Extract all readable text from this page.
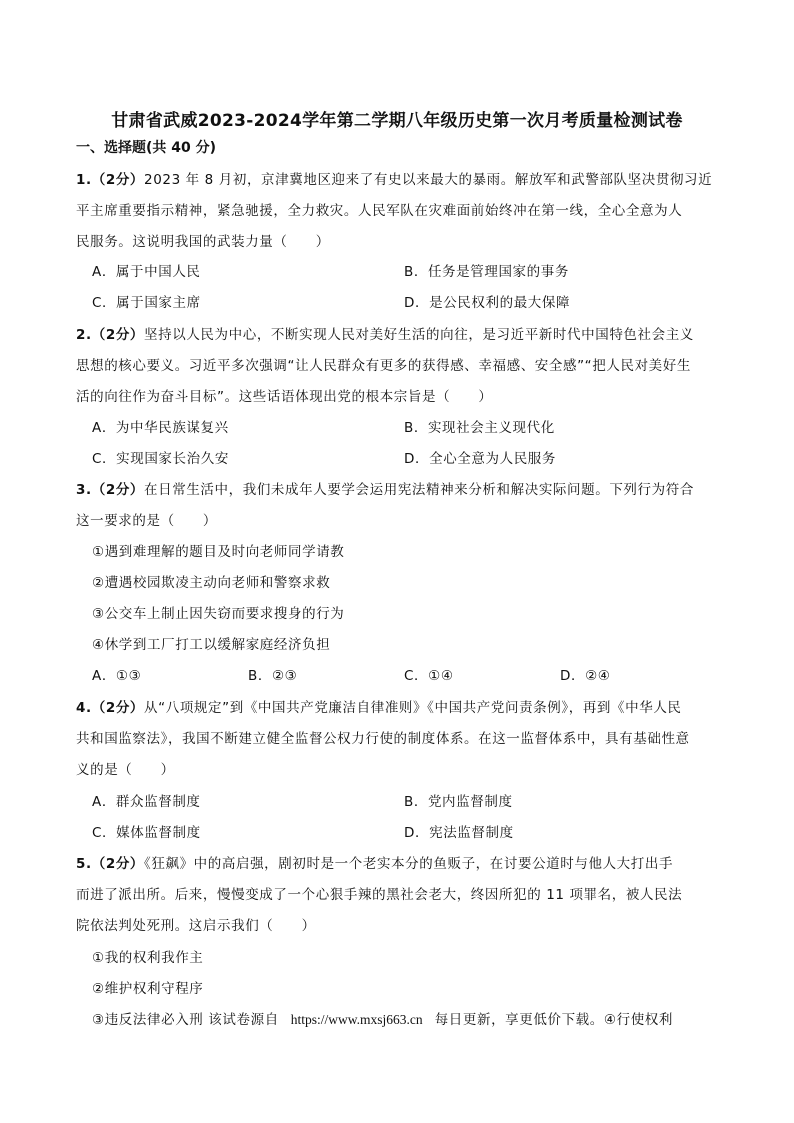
甘肃省武威2023-2024学年第二学期八年级历史第一次月考质量检测试卷
一、选择题(共 40 分)
1.（2分）2023 年 8 月初，京津冀地区迎来了有史以来最大的暴雨。解放军和武警部队坚决贯彻习近
平主席重要指示精神，紧急驰援，全力救灾。人民军队在灾难面前始终冲在第一线，全心全意为人
民服务。这说明我国的武装力量（　　）
A．属于中国人民	B．任务是管理国家的事务
C．属于国家主席	D．是公民权利的最大保障
2.（2分）坚持以人民为中心，不断实现人民对美好生活的向往，是习近平新时代中国特色社会主义
思想的核心要义。习近平多次强调“让人民群众有更多的获得感、幸福感、安全感”“把人民对美好生
活的向往作为奋斗目标”。这些话语体现出党的根本宗旨是（　　）
A．为中华民族谋复兴	B．实现社会主义现代化
C．实现国家长治久安	D．全心全意为人民服务
3.（2分）在日常生活中，我们未成年人要学会运用宪法精神来分析和解决实际问题。下列行为符合
这一要求的是（　　）
①遇到难理解的题目及时向老师同学请教
②遭遇校园欺凌主动向老师和警察求救
③公交车上制止因失窃而要求搜身的行为
④休学到工厂打工以缓解家庭经济负担
A．①③	B．②③	C．①④	D．②④
4.（2分）从“八项规定”到《中国共产党廉洁自律准则》《中国共产党问责条例》，再到《中华人民
共和国监察法》，我国不断建立健全监督公权力行使的制度体系。在这一监督体系中，具有基础性意
义的是（　　）
A．群众监督制度	B．党内监督制度
C．媒体监督制度	D．宪法监督制度
5.（2分）《狂飙》中的高启强，剧初时是一个老实本分的鱼贩子，在讨要公道时与他人大打出手
而进了派出所。后来，慢慢变成了一个心狠手辣的黑社会老大，终因所犯的 11 项罪名，被人民法
院依法判处死刑。这启示我们（　　）
①我的权利我作主
②维护权利守程序
③违反法律必入刑 该试卷源自 https://www.mxsj663.cn 每日更新，享更低价下载。④行使权利
